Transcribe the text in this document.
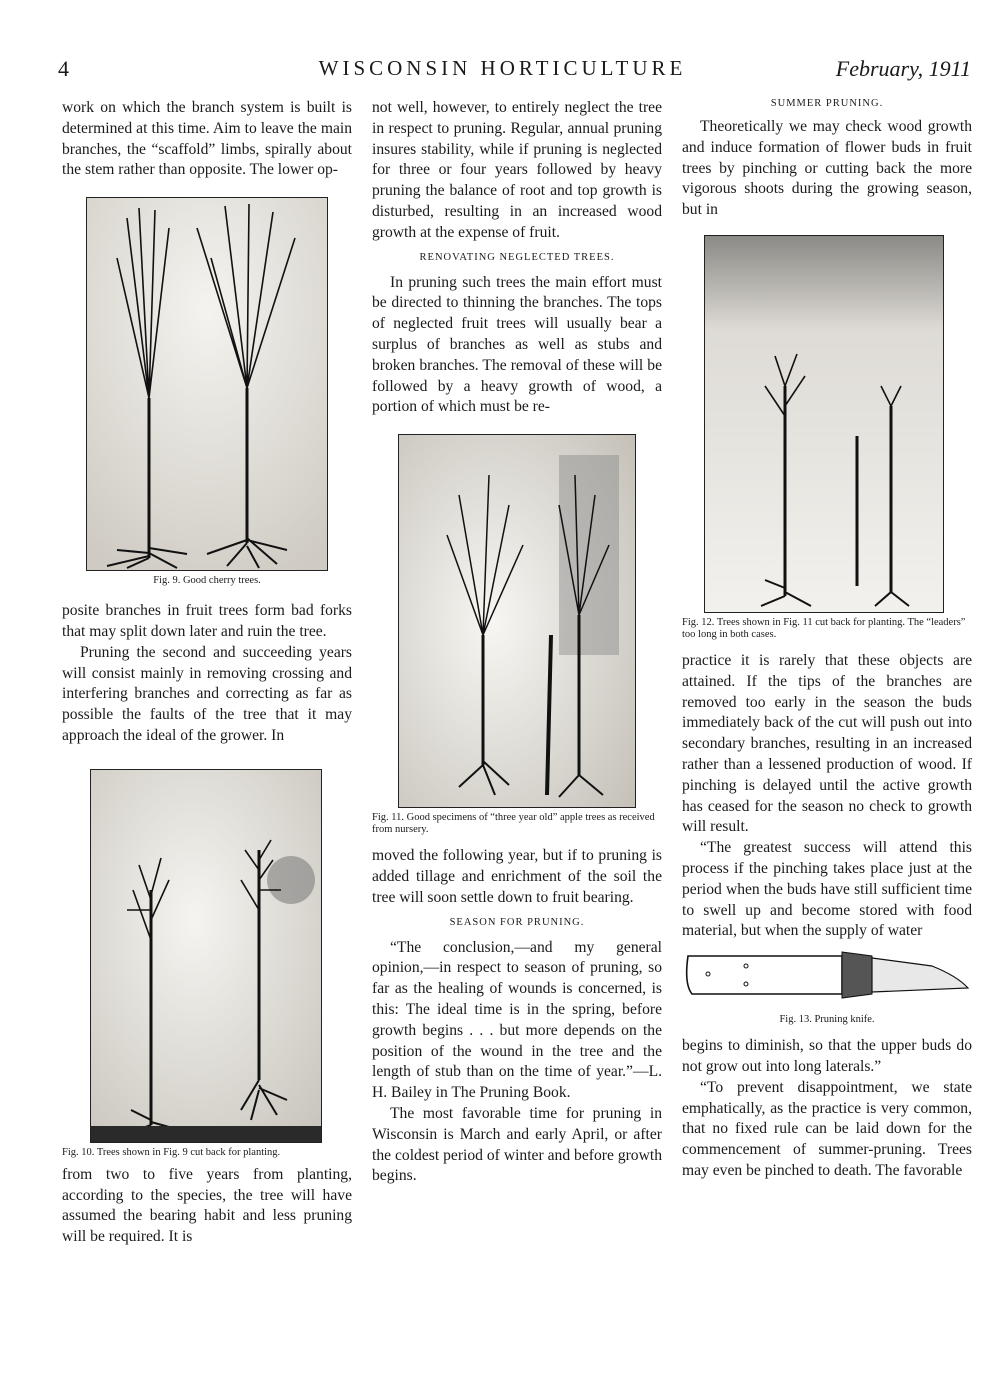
4	WISCONSIN HORTICULTURE	February, 1911

work on which the branch system is built is determined at this time. Aim to leave the main branches, the “scaffold” limbs, spirally about the stem rather than opposite. The lower op-

Fig. 9. Good cherry trees.

posite branches in fruit trees form bad forks that may split down later and ruin the tree.

Pruning the second and succeeding years will consist mainly in removing crossing and interfering branches and correcting as far as possible the faults of the tree that it may approach the ideal of the grower. In

Fig. 10. Trees shown in Fig. 9 cut back for planting.

from two to five years from planting, according to the species, the tree will have assumed the bearing habit and less pruning will be required. It is

not well, however, to entirely neglect the tree in respect to pruning. Regular, annual pruning insures stability, while if pruning is neglected for three or four years followed by heavy pruning the balance of root and top growth is disturbed, resulting in an increased wood growth at the expense of fruit.

RENOVATING NEGLECTED TREES.

In pruning such trees the main effort must be directed to thinning the branches. The tops of neglected fruit trees will usually bear a surplus of branches as well as stubs and broken branches. The removal of these will be followed by a heavy growth of wood, a portion of which must be re-

Fig. 11. Good specimens of “three year old” apple trees as received from nursery.

moved the following year, but if to pruning is added tillage and enrichment of the soil the tree will soon settle down to fruit bearing.

SEASON FOR PRUNING.

“The conclusion,—and my general opinion,—in respect to season of pruning, so far as the healing of wounds is concerned, is this: The ideal time is in the spring, before growth begins . . . but more depends on the position of the wound in the tree and the length of stub than on the time of year.”—L. H. Bailey in The Pruning Book.

The most favorable time for pruning in Wisconsin is March and early April, or after the coldest period of winter and before growth begins.

SUMMER PRUNING.

Theoretically we may check wood growth and induce formation of flower buds in fruit trees by pinching or cutting back the more vigorous shoots during the growing season, but in

Fig. 12. Trees shown in Fig. 11 cut back for planting. The “leaders” too long in both cases.

practice it is rarely that these objects are attained. If the tips of the branches are removed too early in the season the buds immediately back of the cut will push out into secondary branches, resulting in an increased rather than a lessened production of wood. If pinching is delayed until the active growth has ceased for the season no check to growth will result.

“The greatest success will attend this process if the pinching takes place just at the period when the buds have still sufficient time to swell up and become stored with food material, but when the supply of water

Fig. 13. Pruning knife.

begins to diminish, so that the upper buds do not grow out into long laterals.”

“To prevent disappointment, we state emphatically, as the practice is very common, that no fixed rule can be laid down for the commencement of summer-pruning. Trees may even be pinched to death. The favorable
